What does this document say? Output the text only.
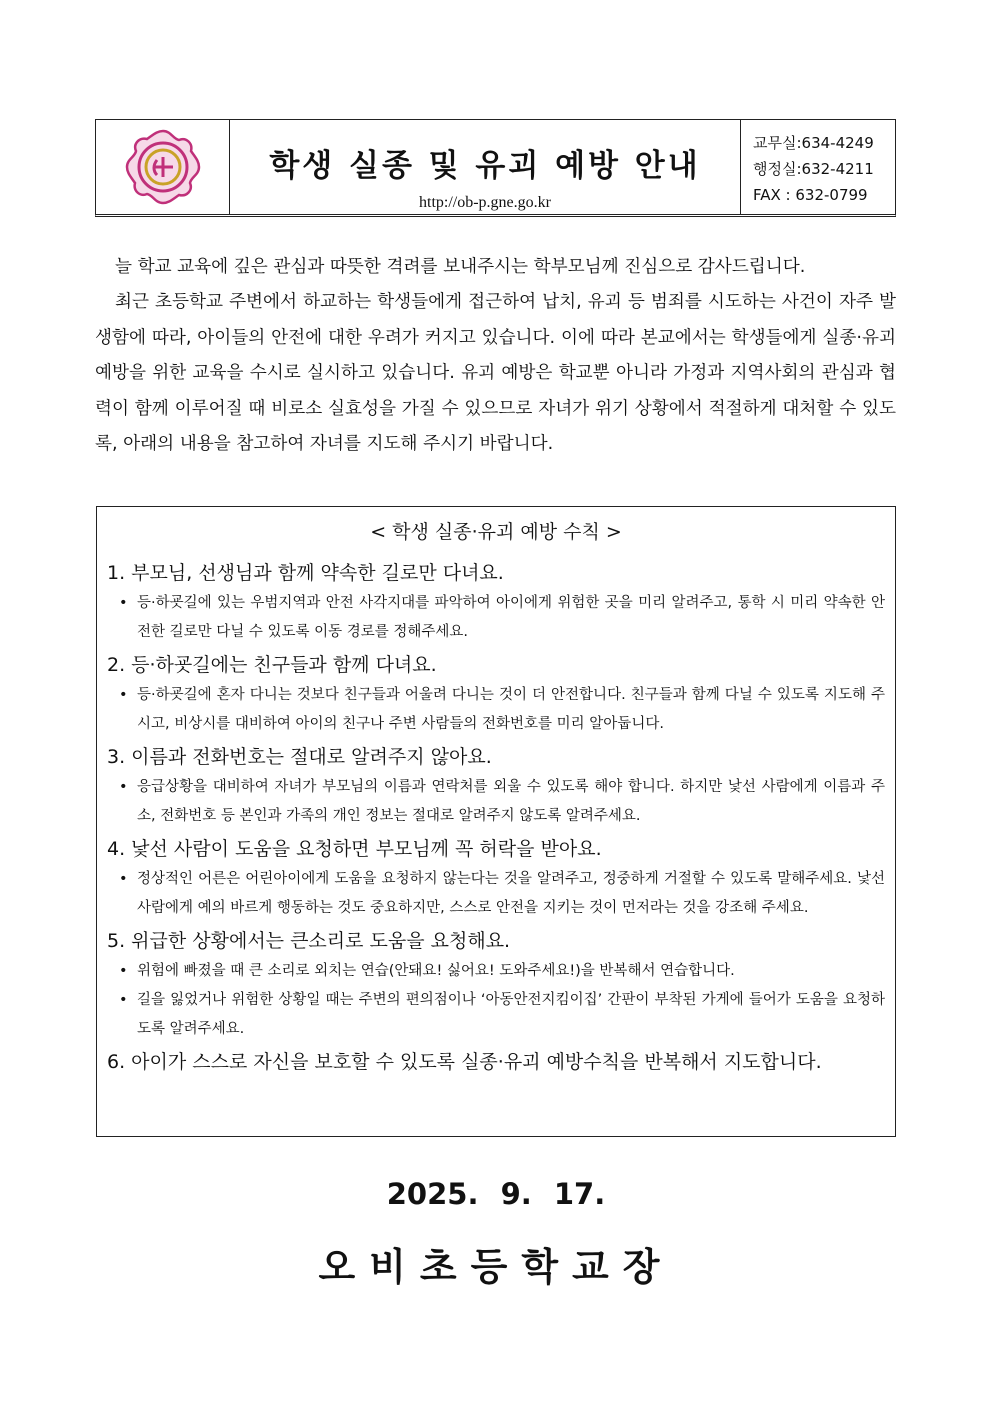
학생 실종 및 유괴 예방 안내
http://ob-p.gne.go.kr
교무실:634-4249
행정실:632-4211
FAX : 632-0799

늘 학교 교육에 깊은 관심과 따뜻한 격려를 보내주시는 학부모님께 진심으로 감사드립니다.

최근 초등학교 주변에서 하교하는 학생들에게 접근하여 납치, 유괴 등 범죄를 시도하는 사건이 자주 발생함에 따라, 아이들의 안전에 대한 우려가 커지고 있습니다. 이에 따라 본교에서는 학생들에게 실종·유괴 예방을 위한 교육을 수시로 실시하고 있습니다. 유괴 예방은 학교뿐 아니라 가정과 지역사회의 관심과 협력이 함께 이루어질 때 비로소 실효성을 가질 수 있으므로 자녀가 위기 상황에서 적절하게 대처할 수 있도록, 아래의 내용을 참고하여 자녀를 지도해 주시기 바랍니다.

< 학생 실종·유괴 예방 수칙 >
1. 부모님, 선생님과 함께 약속한 길로만 다녀요.
• 등·하굣길에 있는 우범지역과 안전 사각지대를 파악하여 아이에게 위험한 곳을 미리 알려주고, 통학 시 미리 약속한 안전한 길로만 다닐 수 있도록 이동 경로를 정해주세요.
2. 등·하굣길에는 친구들과 함께 다녀요.
• 등·하굣길에 혼자 다니는 것보다 친구들과 어울려 다니는 것이 더 안전합니다. 친구들과 함께 다닐 수 있도록 지도해 주시고, 비상시를 대비하여 아이의 친구나 주변 사람들의 전화번호를 미리 알아둡니다.
3. 이름과 전화번호는 절대로 알려주지 않아요.
• 응급상황을 대비하여 자녀가 부모님의 이름과 연락처를 외울 수 있도록 해야 합니다. 하지만 낯선 사람에게 이름과 주소, 전화번호 등 본인과 가족의 개인 정보는 절대로 알려주지 않도록 알려주세요.
4. 낯선 사람이 도움을 요청하면 부모님께 꼭 허락을 받아요.
• 정상적인 어른은 어린아이에게 도움을 요청하지 않는다는 것을 알려주고, 정중하게 거절할 수 있도록 말해주세요. 낯선 사람에게 예의 바르게 행동하는 것도 중요하지만, 스스로 안전을 지키는 것이 먼저라는 것을 강조해 주세요.
5. 위급한 상황에서는 큰소리로 도움을 요청해요.
• 위험에 빠졌을 때 큰 소리로 외치는 연습(안돼요! 싫어요! 도와주세요!)을 반복해서 연습합니다.
• 길을 잃었거나 위험한 상황일 때는 주변의 편의점이나 ‘아동안전지킴이집’ 간판이 부착된 가게에 들어가 도움을 요청하도록 알려주세요.
6. 아이가 스스로 자신을 보호할 수 있도록 실종·유괴 예방수칙을 반복해서 지도합니다.
2025. 9. 17.
오비초등학교장
